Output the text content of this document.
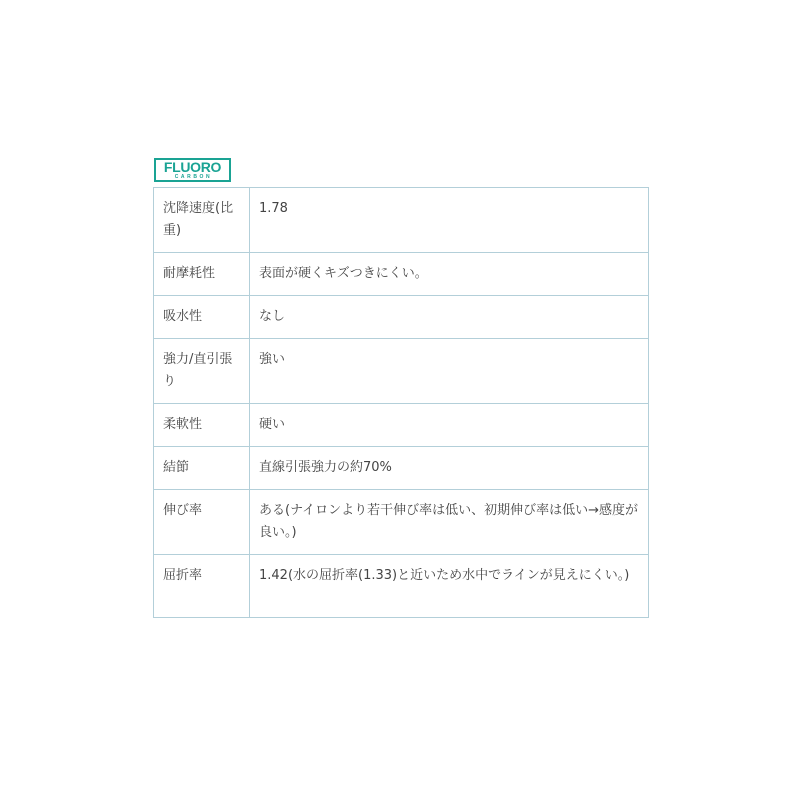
FLUORO
CARBON
沈降速度(比重)	1.78
耐摩耗性	表面が硬くキズつきにくい。
吸水性	なし
強力/直引張り	強い
柔軟性	硬い
結節	直線引張強力の約70%
伸び率	ある(ナイロンより若干伸び率は低い、初期伸び率は低い→感度が良い。)
屈折率	1.42(水の屈折率(1.33)と近いため水中でラインが見えにくい。)
